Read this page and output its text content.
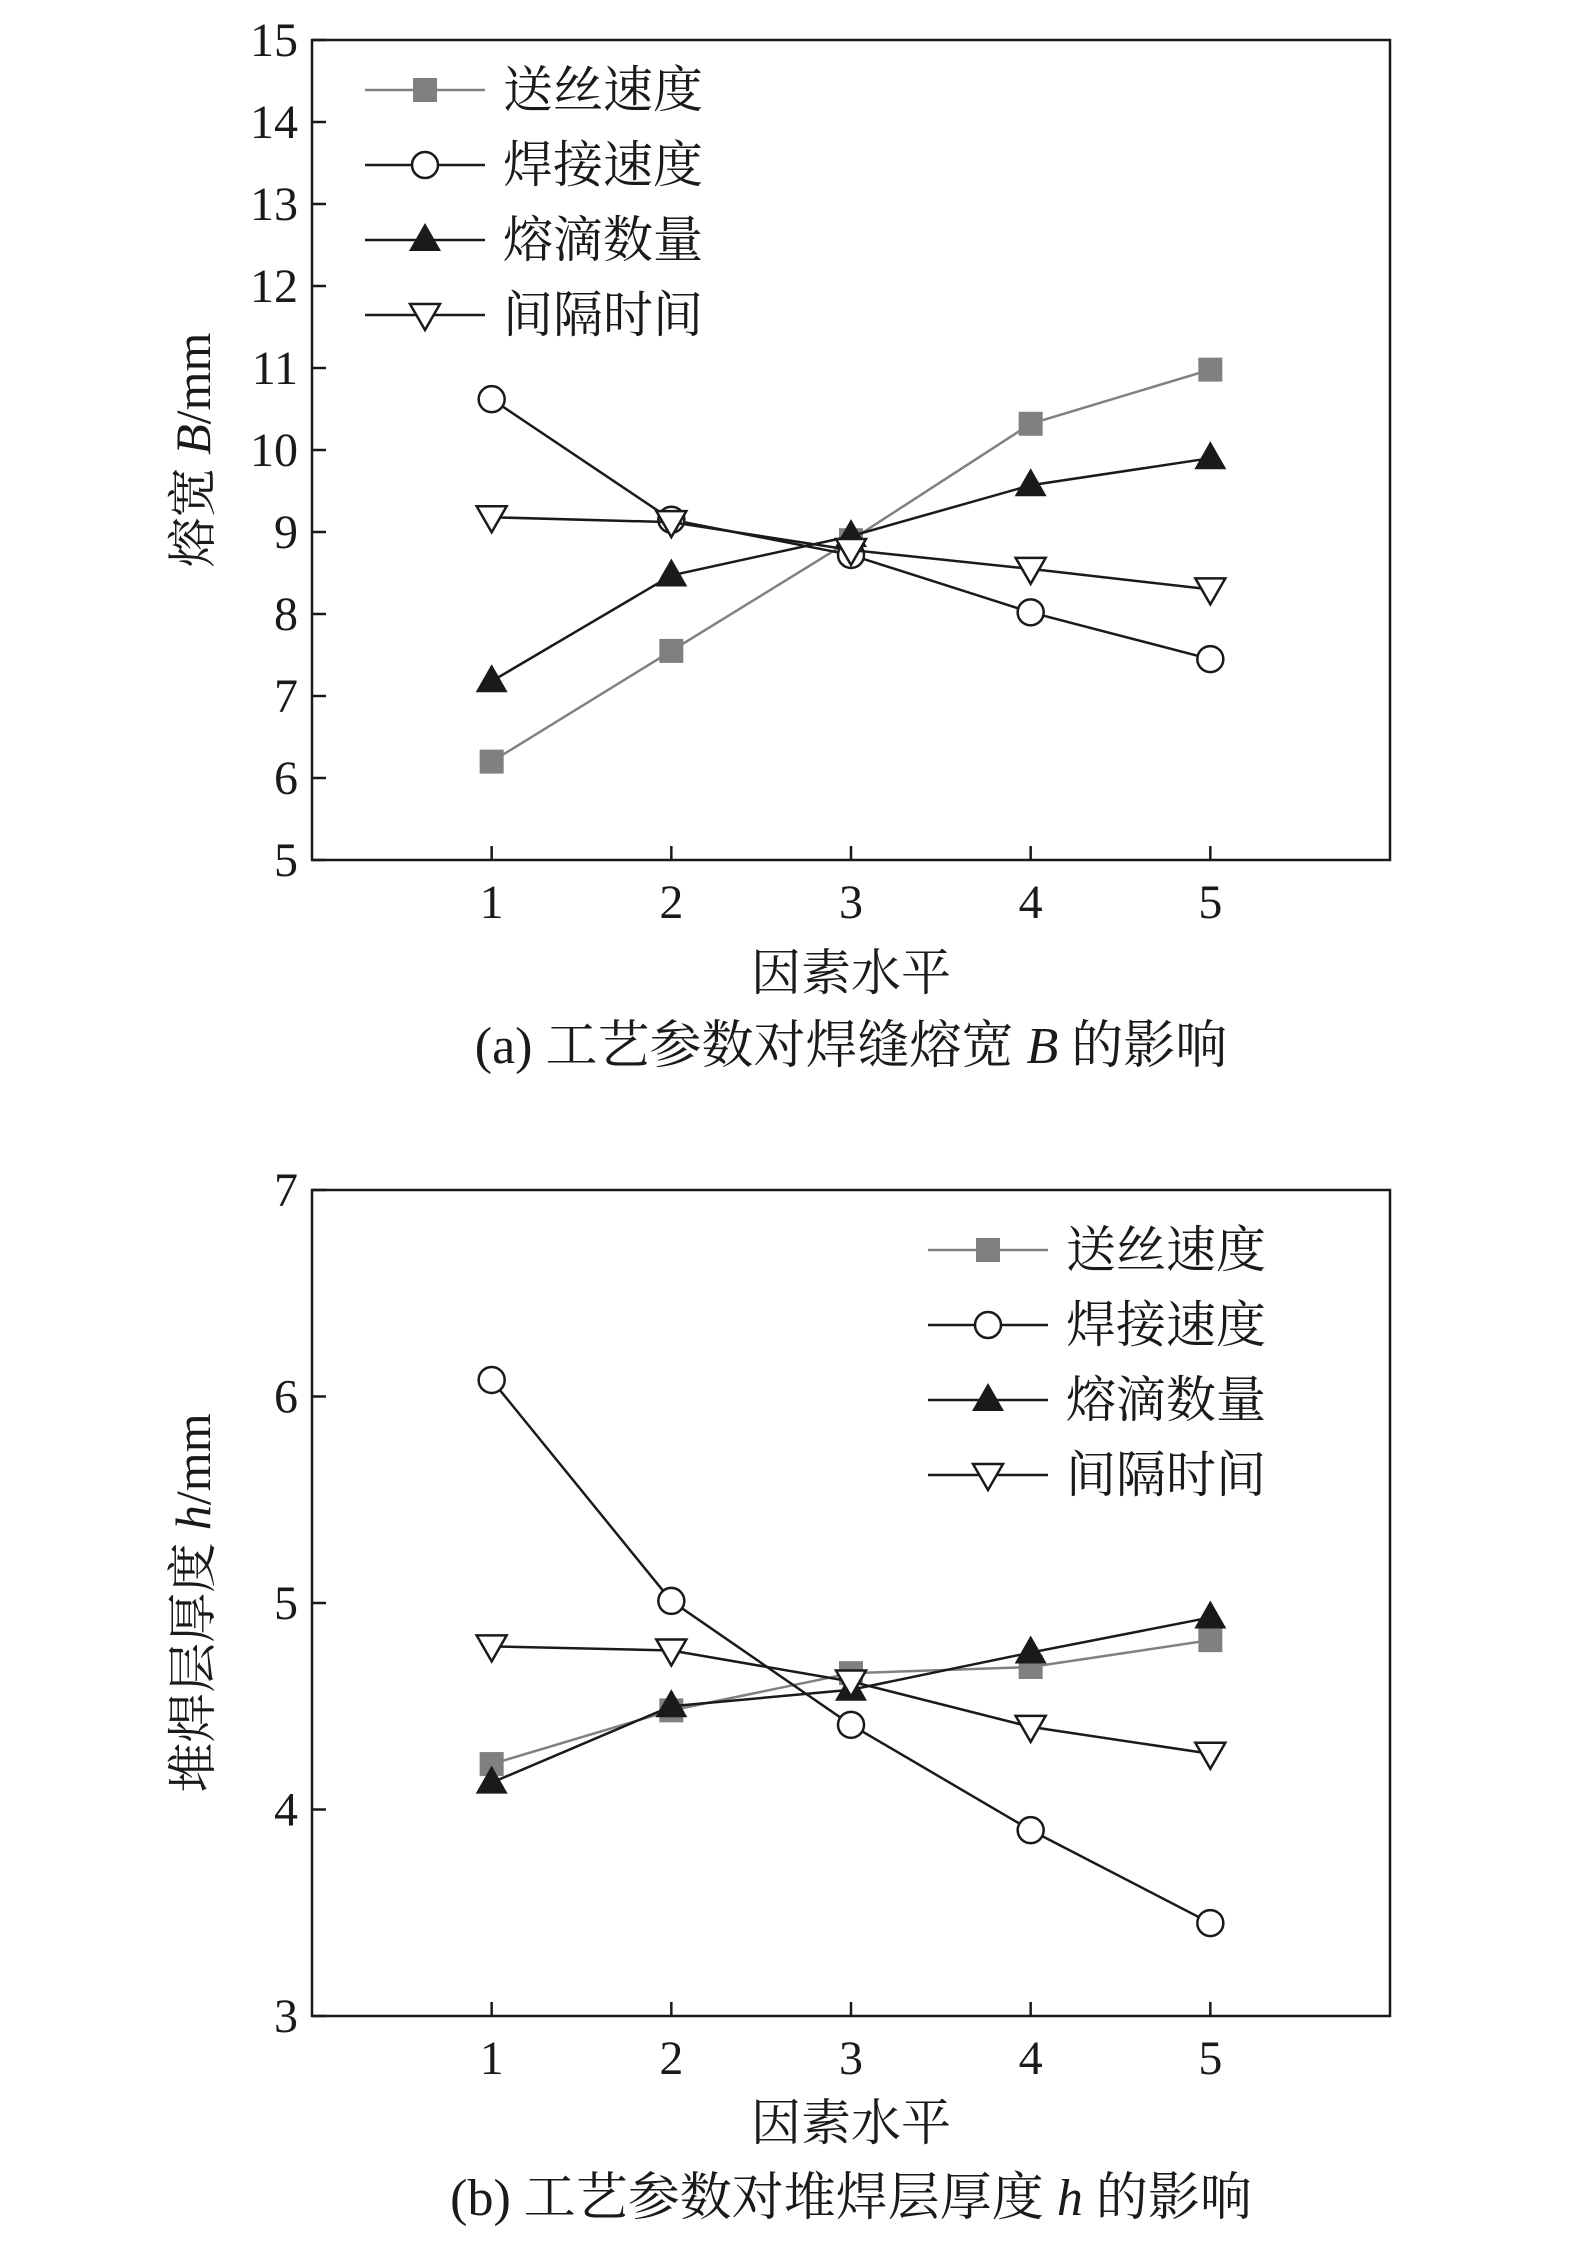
5
6
7
8
9
10
11
12
13
14
15
1	2	3	4	5
因素水平
熔宽 B/mm
送丝速度
焊接速度
熔滴数量
间隔时间
(a) 工艺参数对焊缝熔宽 B 的影响
3
4
5
6
7
1	2	3	4	5
因素水平
堆焊层厚度 h/mm
送丝速度
焊接速度
熔滴数量
间隔时间
(b) 工艺参数对堆焊层厚度 h 的影响
